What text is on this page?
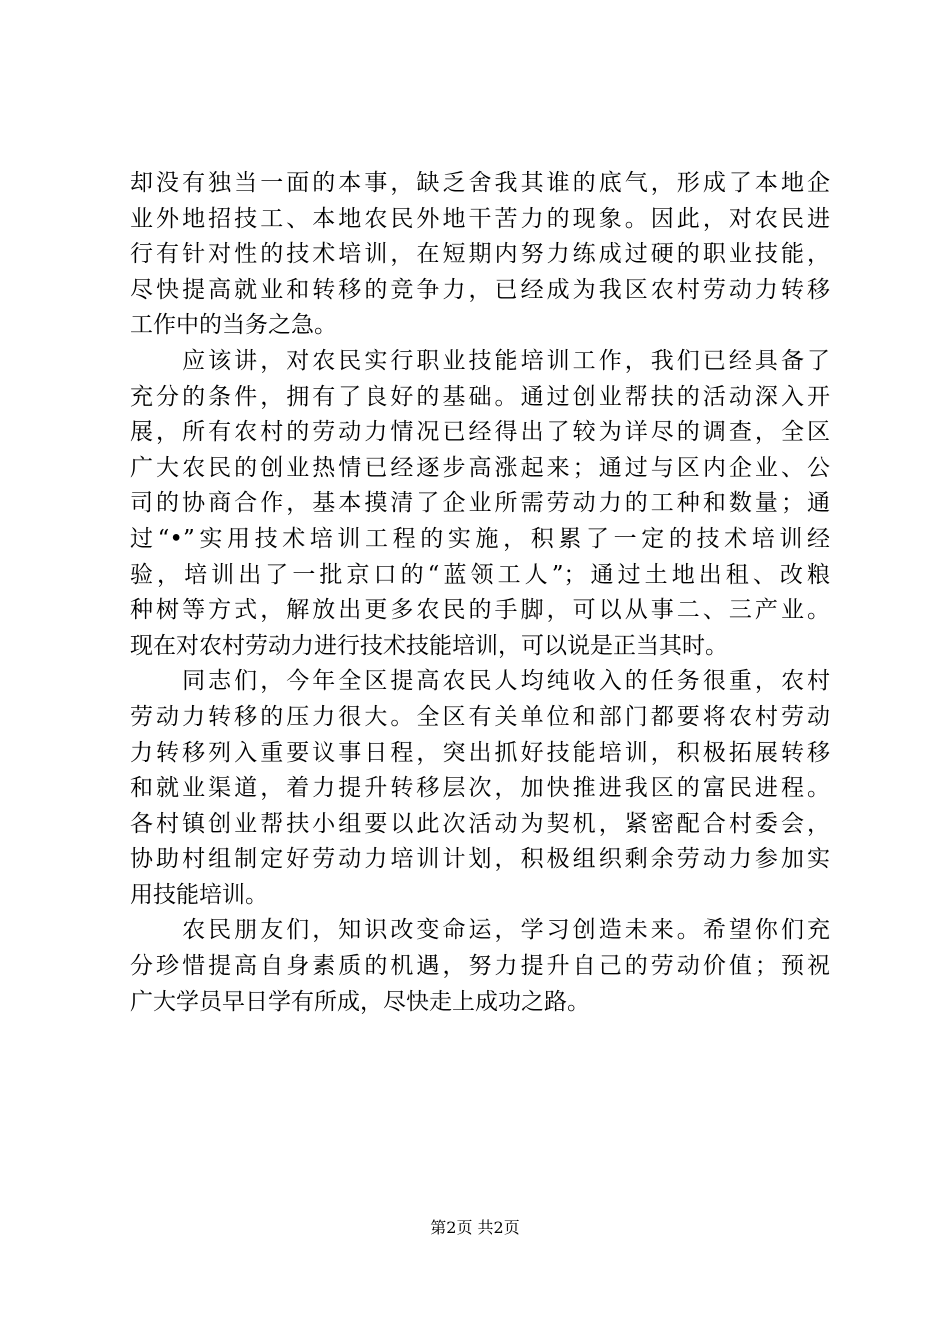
却没有独当一面的本事，缺乏舍我其谁的底气，形成了本地企
业外地招技工、本地农民外地干苦力的现象。因此，对农民进
行有针对性的技术培训，在短期内努力练成过硬的职业技能，
尽快提高就业和转移的竞争力，已经成为我区农村劳动力转移
工作中的当务之急。

　　应该讲，对农民实行职业技能培训工作，我们已经具备了
充分的条件，拥有了良好的基础。通过创业帮扶的活动深入开
展，所有农村的劳动力情况已经得出了较为详尽的调查，全区
广大农民的创业热情已经逐步高涨起来；通过与区内企业、公
司的协商合作，基本摸清了企业所需劳动力的工种和数量；通
过“•”实用技术培训工程的实施，积累了一定的技术培训经
验，培训出了一批京口的“蓝领工人”；通过土地出租、改粮
种树等方式，解放出更多农民的手脚，可以从事二、三产业。
现在对农村劳动力进行技术技能培训，可以说是正当其时。

　　同志们，今年全区提高农民人均纯收入的任务很重，农村
劳动力转移的压力很大。全区有关单位和部门都要将农村劳动
力转移列入重要议事日程，突出抓好技能培训，积极拓展转移
和就业渠道，着力提升转移层次，加快推进我区的富民进程。
各村镇创业帮扶小组要以此次活动为契机，紧密配合村委会，
协助村组制定好劳动力培训计划，积极组织剩余劳动力参加实
用技能培训。

　　农民朋友们，知识改变命运，学习创造未来。希望你们充
分珍惜提高自身素质的机遇，努力提升自己的劳动价值；预祝
广大学员早日学有所成，尽快走上成功之路。

第2页 共2页
